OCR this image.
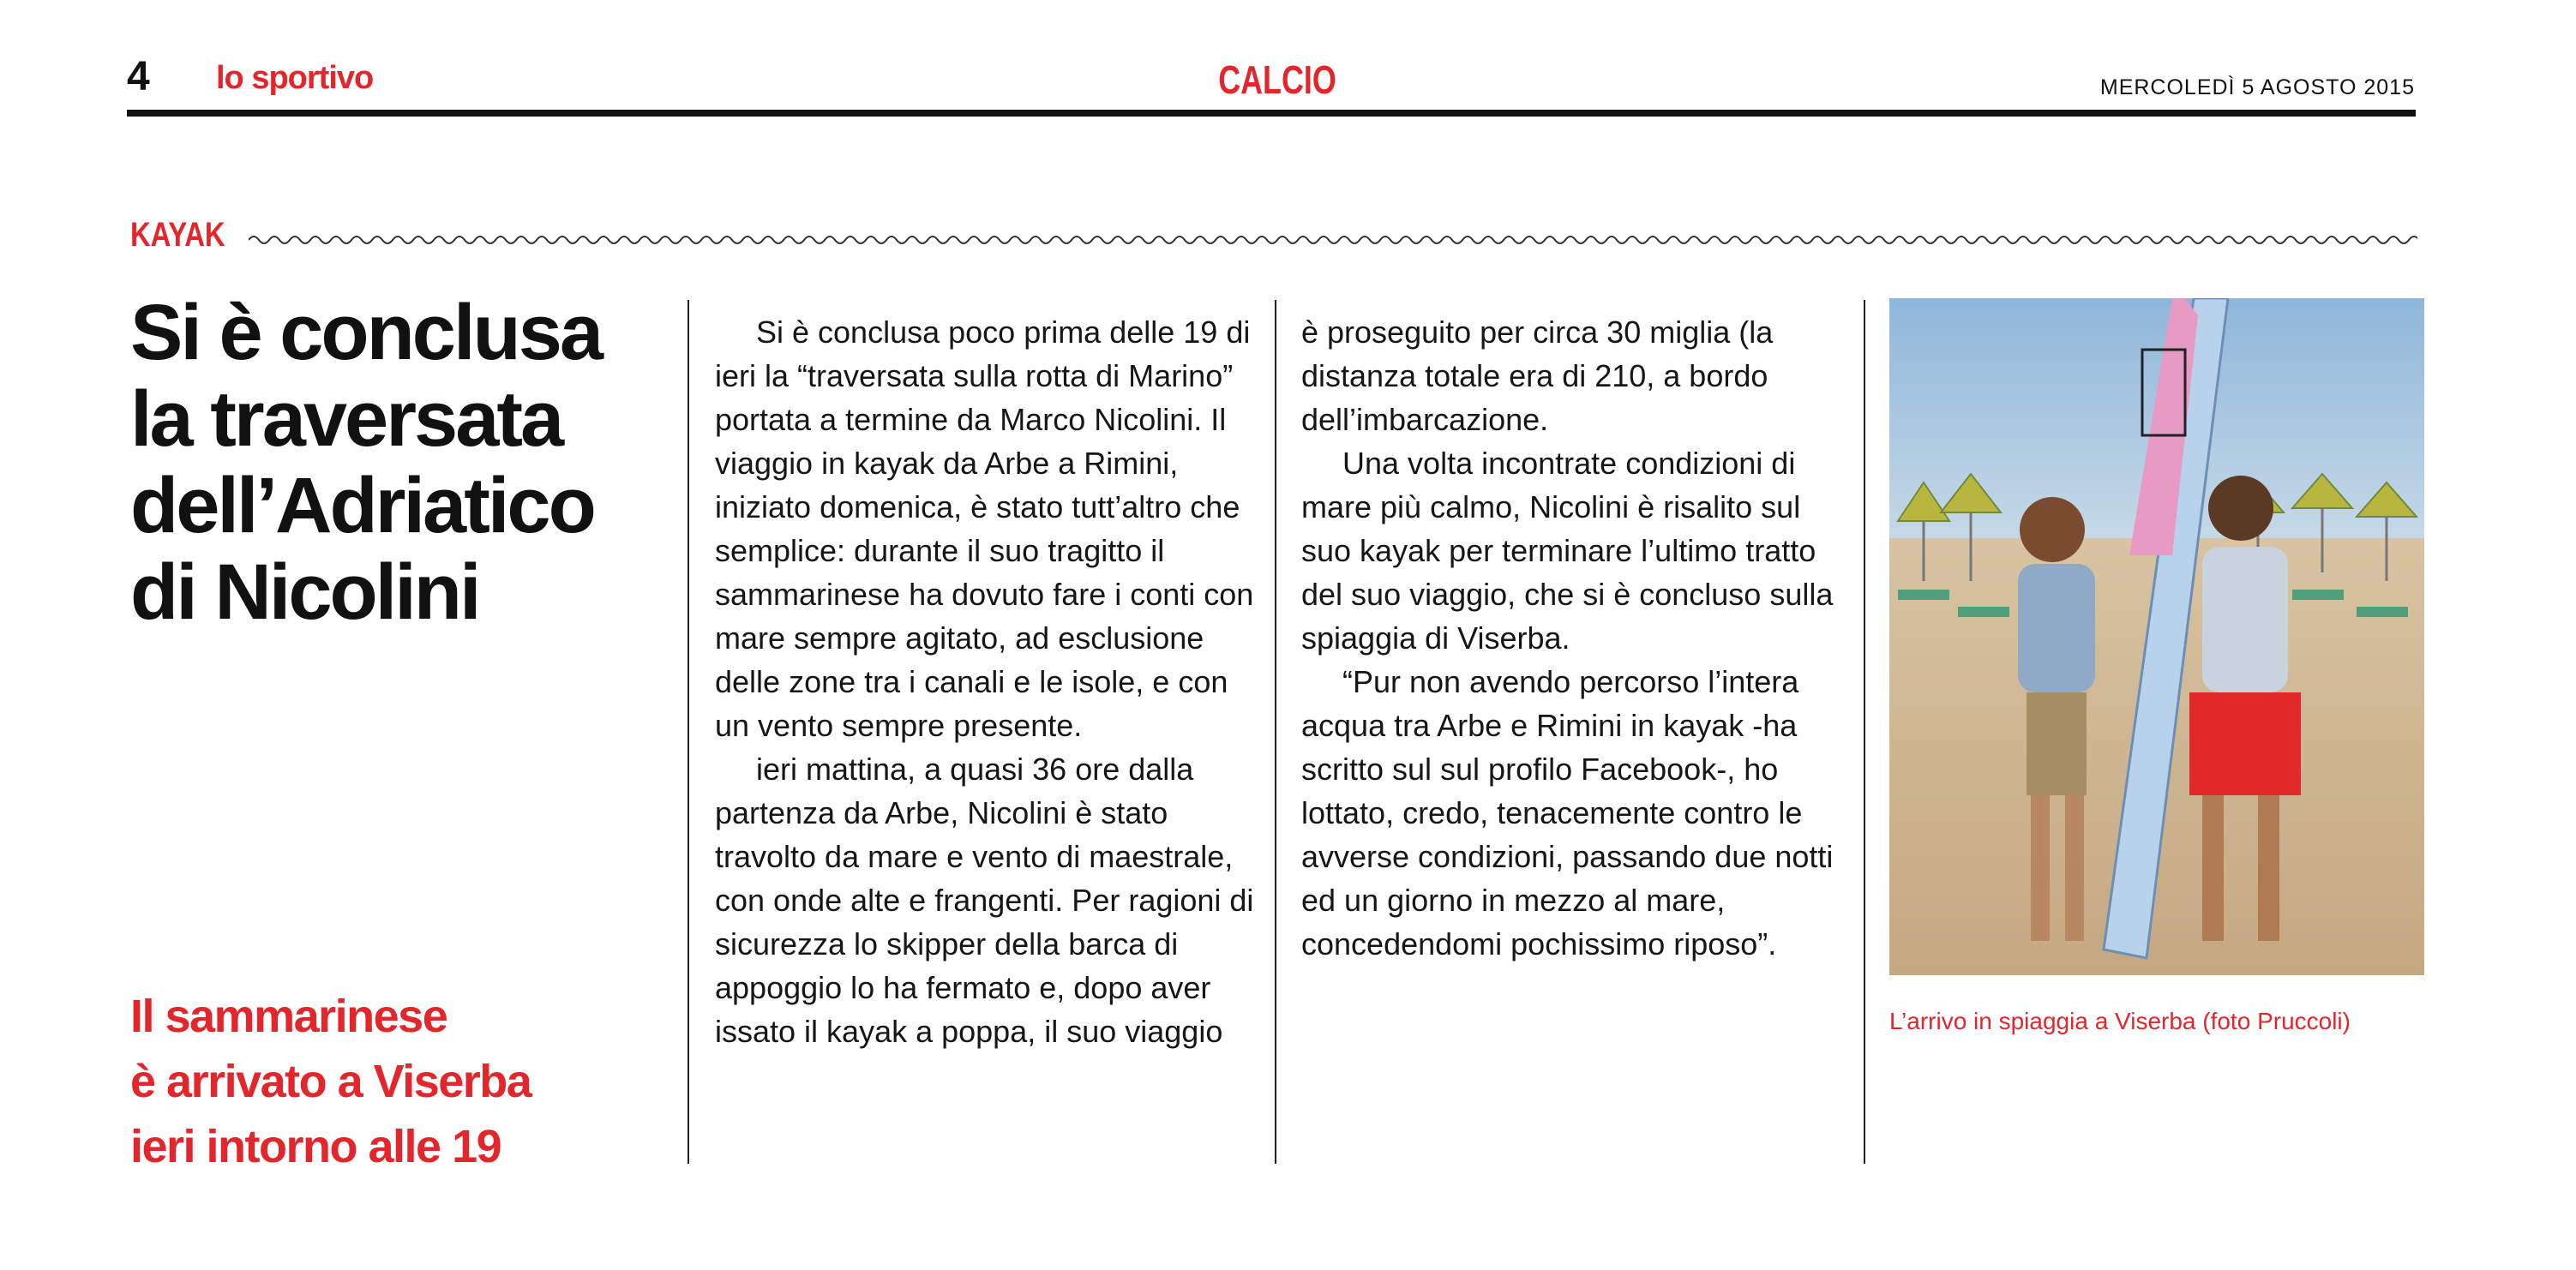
4 lo sportivo	CALCIO	MERCOLEDÌ 5 AGOSTO 2015
KAYAK
Si è conclusa
la traversata
dell’Adriatico
di Nicolini
Il sammarinese
è arrivato a Viserba
ieri intorno alle 19

Si è conclusa poco prima delle 19 di ieri la “traversata sulla rotta di Marino” portata a termine da Marco Nicolini. Il viaggio in kayak da Arbe a Rimini, iniziato domenica, è stato tutt’altro che semplice: durante il suo tragitto il sammarinese ha dovuto fare i conti con mare sempre agitato, ad esclusione delle zone tra i canali e le isole, e con un vento sempre presente.

ieri mattina, a quasi 36 ore dalla partenza da Arbe, Nicolini è stato travolto da mare e vento di maestrale, con onde alte e frangenti. Per ragioni di sicurezza lo skipper della barca di appoggio lo ha fermato e, dopo aver issato il kayak a poppa, il suo viaggio

è proseguito per circa 30 miglia (la distanza totale era di 210, a bordo dell’imbarcazione.

Una volta incontrate condizioni di mare più calmo, Nicolini è risalito sul suo kayak per terminare l’ultimo tratto del suo viaggio, che si è concluso sulla spiaggia di Viserba.

“Pur non avendo percorso l’intera acqua tra Arbe e Rimini in kayak -ha scritto sul sul profilo Facebook-, ho lottato, credo, tenacemente contro le avverse condizioni, passando due notti ed un giorno in mezzo al mare, concedendomi pochissimo riposo”.

L’arrivo in spiaggia a Viserba (foto Pruccoli)
